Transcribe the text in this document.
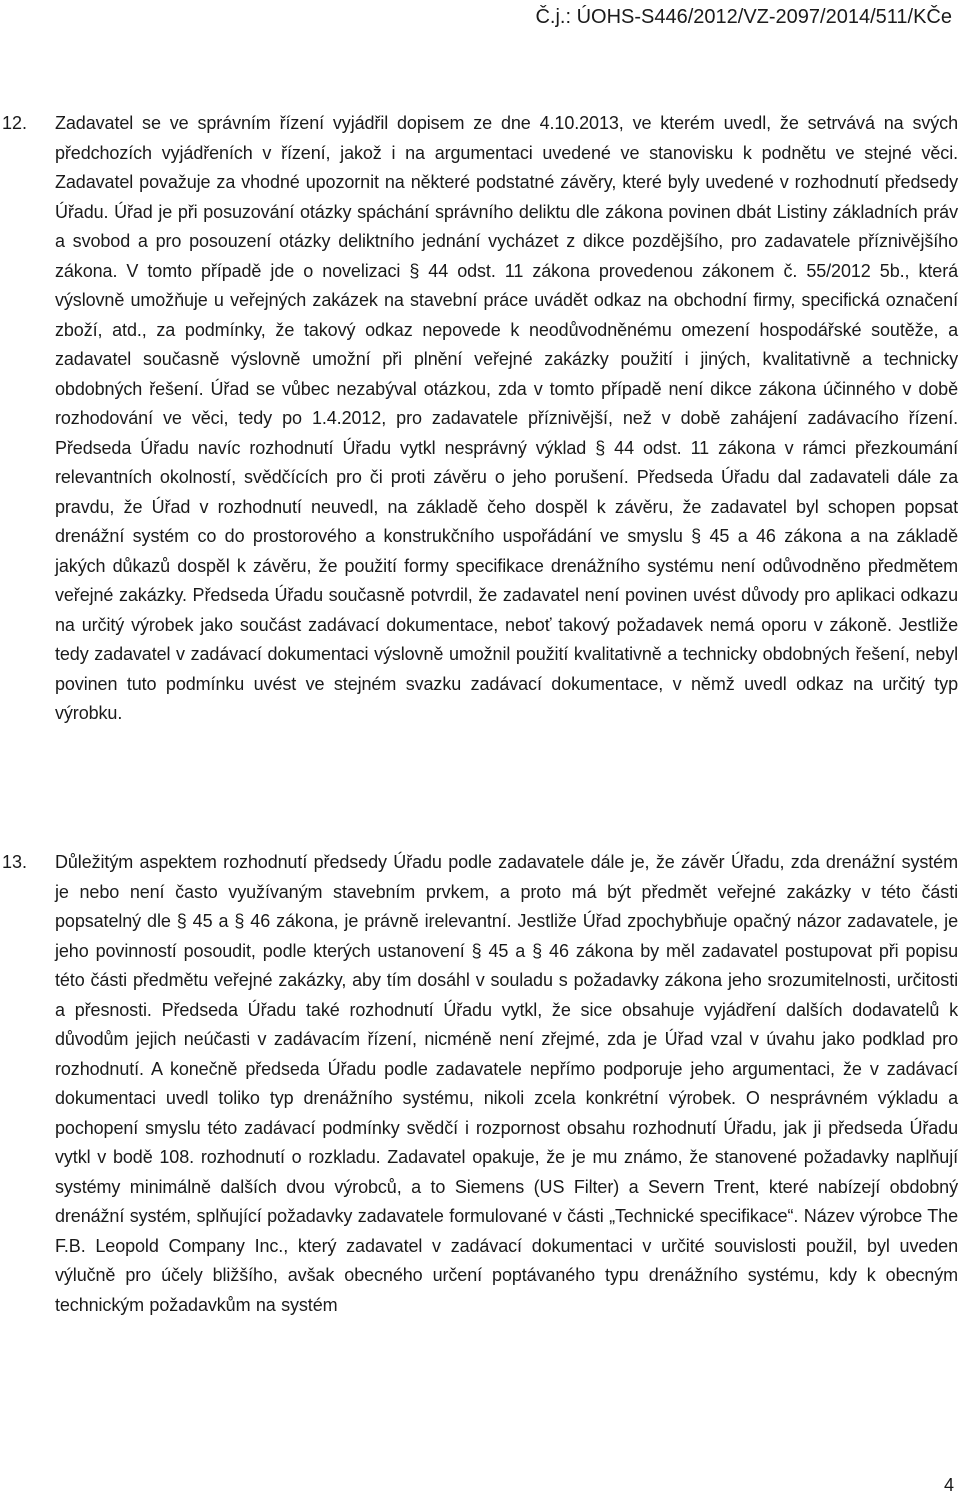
Č.j.: ÚOHS-S446/2012/VZ-2097/2014/511/KČe
12. Zadavatel se ve správním řízení vyjádřil dopisem ze dne 4.10.2013, ve kterém uvedl, že setrvává na svých předchozích vyjádřeních v řízení, jakož i na argumentaci uvedené ve stanovisku k podnětu ve stejné věci. Zadavatel považuje za vhodné upozornit na některé podstatné závěry, které byly uvedené v rozhodnutí předsedy Úřadu. Úřad je při posuzování otázky spáchání správního deliktu dle zákona povinen dbát Listiny základních práv a svobod a pro posouzení otázky deliktního jednání vycházet z dikce pozdějšího, pro zadavatele příznivějšího zákona. V tomto případě jde o novelizaci § 44 odst. 11 zákona provedenou zákonem č. 55/2012 5b., která výslovně umožňuje u veřejných zakázek na stavební práce uvádět odkaz na obchodní firmy, specifická označení zboží, atd., za podmínky, že takový odkaz nepovede k neodůvodněnému omezení hospodářské soutěže, a zadavatel současně výslovně umožní při plnění veřejné zakázky použití i jiných, kvalitativně a technicky obdobných řešení. Úřad se vůbec nezabýval otázkou, zda v tomto případě není dikce zákona účinného v době rozhodování ve věci, tedy po 1.4.2012, pro zadavatele příznivější, než v době zahájení zadávacího řízení. Předseda Úřadu navíc rozhodnutí Úřadu vytkl nesprávný výklad § 44 odst. 11 zákona v rámci přezkoumání relevantních okolností, svědčících pro či proti závěru o jeho porušení. Předseda Úřadu dal zadavateli dále za pravdu, že Úřad v rozhodnutí neuvedl, na základě čeho dospěl k závěru, že zadavatel byl schopen popsat drenážní systém co do prostorového a konstrukčního uspořádání ve smyslu § 45 a 46 zákona a na základě jakých důkazů dospěl k závěru, že použití formy specifikace drenážního systému není odůvodněno předmětem veřejné zakázky. Předseda Úřadu současně potvrdil, že zadavatel není povinen uvést důvody pro aplikaci odkazu na určitý výrobek jako součást zadávací dokumentace, neboť takový požadavek nemá oporu v zákoně. Jestliže tedy zadavatel v zadávací dokumentaci výslovně umožnil použití kvalitativně a technicky obdobných řešení, nebyl povinen tuto podmínku uvést ve stejném svazku zadávací dokumentace, v němž uvedl odkaz na určitý typ výrobku.
13. Důležitým aspektem rozhodnutí předsedy Úřadu podle zadavatele dále je, že závěr Úřadu, zda drenážní systém je nebo není často využívaným stavebním prvkem, a proto má být předmět veřejné zakázky v této části popsatelný dle § 45 a § 46 zákona, je právně irelevantní. Jestliže Úřad zpochybňuje opačný názor zadavatele, je jeho povinností posoudit, podle kterých ustanovení § 45 a § 46 zákona by měl zadavatel postupovat při popisu této části předmětu veřejné zakázky, aby tím dosáhl v souladu s požadavky zákona jeho srozumitelnosti, určitosti a přesnosti. Předseda Úřadu také rozhodnutí Úřadu vytkl, že sice obsahuje vyjádření dalších dodavatelů k důvodům jejich neúčasti v zadávacím řízení, nicméně není zřejmé, zda je Úřad vzal v úvahu jako podklad pro rozhodnutí. A konečně předseda Úřadu podle zadavatele nepřímo podporuje jeho argumentaci, že v zadávací dokumentaci uvedl toliko typ drenážního systému, nikoli zcela konkrétní výrobek. O nesprávném výkladu a pochopení smyslu této zadávací podmínky svědčí i rozpornost obsahu rozhodnutí Úřadu, jak ji předseda Úřadu vytkl v bodě 108. rozhodnutí o rozkladu. Zadavatel opakuje, že je mu známo, že stanovené požadavky naplňují systémy minimálně dalších dvou výrobců, a to Siemens (US Filter) a Severn Trent, které nabízejí obdobný drenážní systém, splňující požadavky zadavatele formulované v části „Technické specifikace“. Název výrobce The F.B. Leopold Company Inc., který zadavatel v zadávací dokumentaci v určité souvislosti použil, byl uveden výlučně pro účely bližšího, avšak obecného určení poptávaného typu drenážního systému, kdy k obecným technickým požadavkům na systém
4
